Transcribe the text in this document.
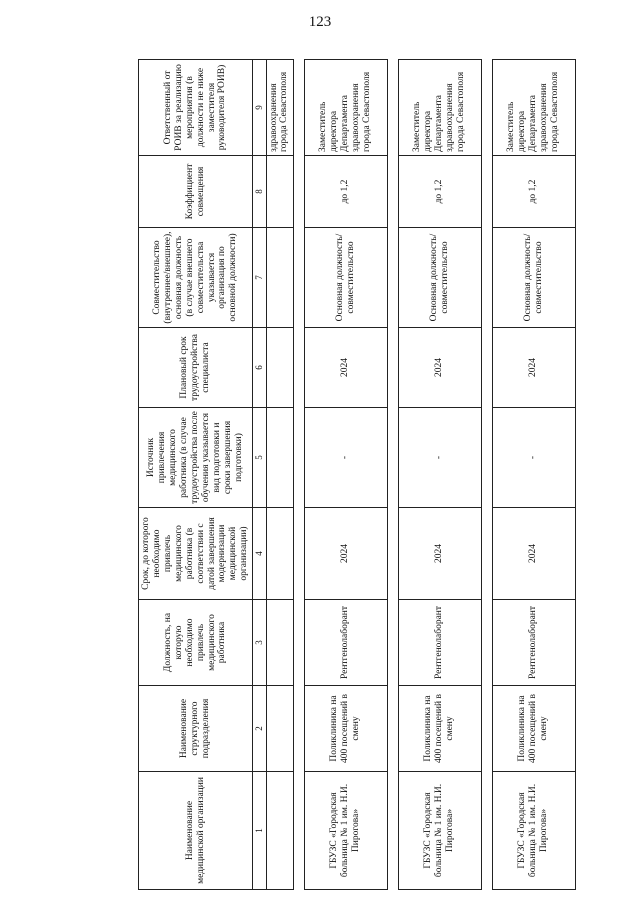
123
Наименование медицинской организации	Наименование структурного подразделения	Должность, на которую необходимо привлечь медицинского работника	Срок, до которого необходимо привлечь медицинского работника (в соответствии с датой завершения модернизации медицинской организации)	Источник привлечения медицинского работника (в случае трудоустройства после обучения указывается вид подготовки и сроки завершения подготовки)	Плановый срок трудоустройства специалиста	Совместительство (внутреннее/внешнее), основная должность (в случае внешнего совместительства указывается организация по основной должности)	Коэффициент совмещения	Ответственный от РОИВ за реализацию мероприятия (в должности не ниже заместителя руководителя РОИВ)
1	2	3	4	5	6	7	8	9
								здравоохранения города Севастополя

ГБУЗС «Городская больница № 1 им. Н.И. Пирогова»	Поликлиника на 400 посещений в смену	Рентгенолаборант	2024	-	2024	Основная должность/ совместительство	до 1,2	Заместитель директора Департамента здравоохранения города Севастополя

ГБУЗС «Городская больница № 1 им. Н.И. Пирогова»	Поликлиника на 400 посещений в смену	Рентгенолаборант	2024	-	2024	Основная должность/ совместительство	до 1,2	Заместитель директора Департамента здравоохранения города Севастополя

ГБУЗС «Городская больница № 1 им. Н.И. Пирогова»	Поликлиника на 400 посещений в смену	Рентгенолаборант	2024	-	2024	Основная должность/ совместительство	до 1,2	Заместитель директора Департамента здравоохранения города Севастополя
